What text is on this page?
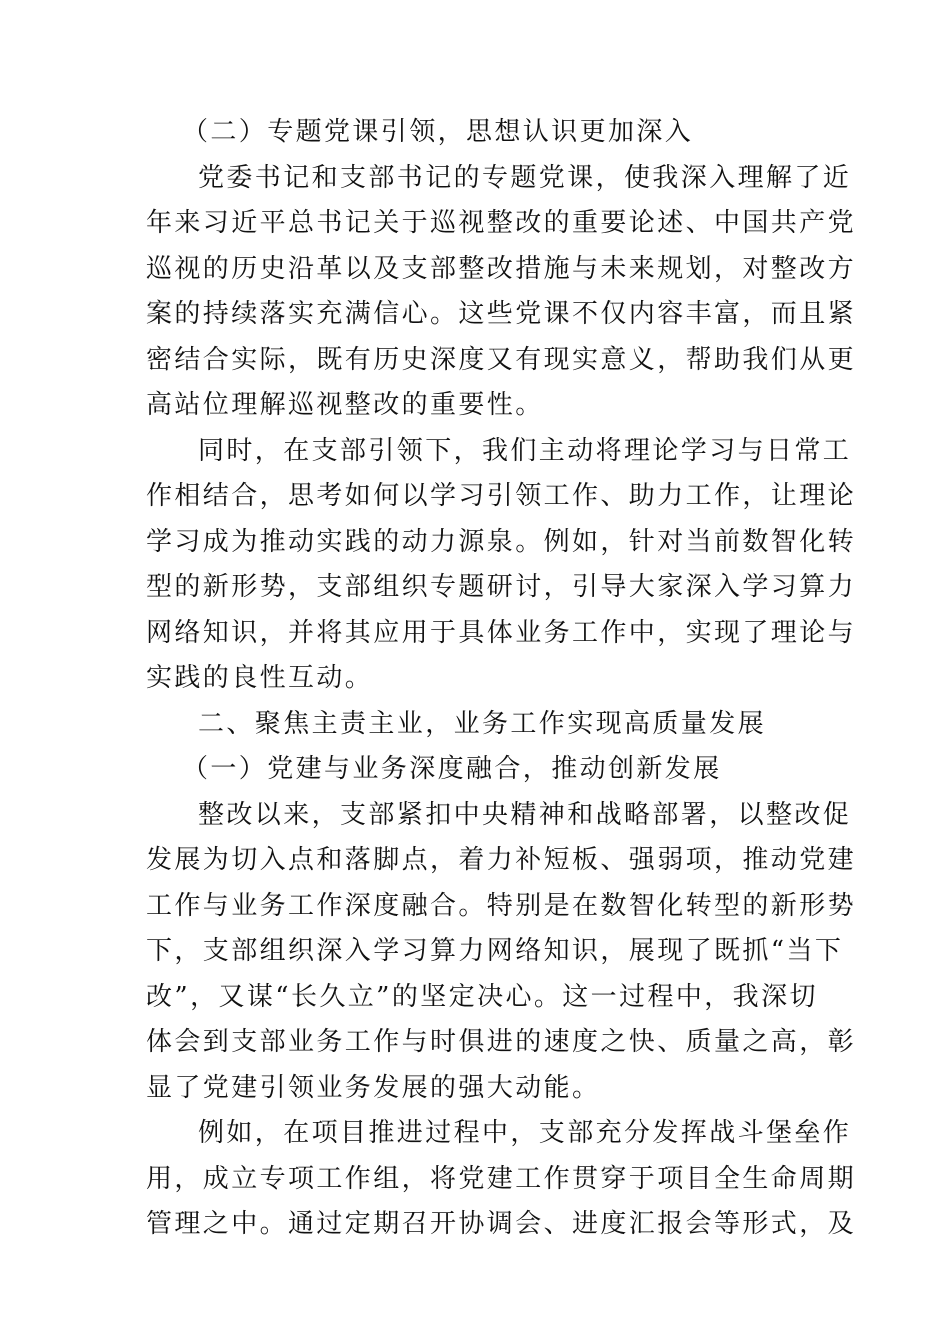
（二）专题党课引领，思想认识更加深入
党委书记和支部书记的专题党课，使我深入理解了近
年来习近平总书记关于巡视整改的重要论述、中国共产党
巡视的历史沿革以及支部整改措施与未来规划，对整改方
案的持续落实充满信心。这些党课不仅内容丰富，而且紧
密结合实际，既有历史深度又有现实意义，帮助我们从更
高站位理解巡视整改的重要性。
同时，在支部引领下，我们主动将理论学习与日常工
作相结合，思考如何以学习引领工作、助力工作，让理论
学习成为推动实践的动力源泉。例如，针对当前数智化转
型的新形势，支部组织专题研讨，引导大家深入学习算力
网络知识，并将其应用于具体业务工作中，实现了理论与
实践的良性互动。
二、聚焦主责主业，业务工作实现高质量发展
（一）党建与业务深度融合，推动创新发展
整改以来，支部紧扣中央精神和战略部署，以整改促
发展为切入点和落脚点，着力补短板、强弱项，推动党建
工作与业务工作深度融合。特别是在数智化转型的新形势
下，支部组织深入学习算力网络知识，展现了既抓“当下
改”，又谋“长久立”的坚定决心。这一过程中，我深切
体会到支部业务工作与时俱进的速度之快、质量之高，彰
显了党建引领业务发展的强大动能。
例如，在项目推进过程中，支部充分发挥战斗堡垒作
用，成立专项工作组，将党建工作贯穿于项目全生命周期
管理之中。通过定期召开协调会、进度汇报会等形式，及
